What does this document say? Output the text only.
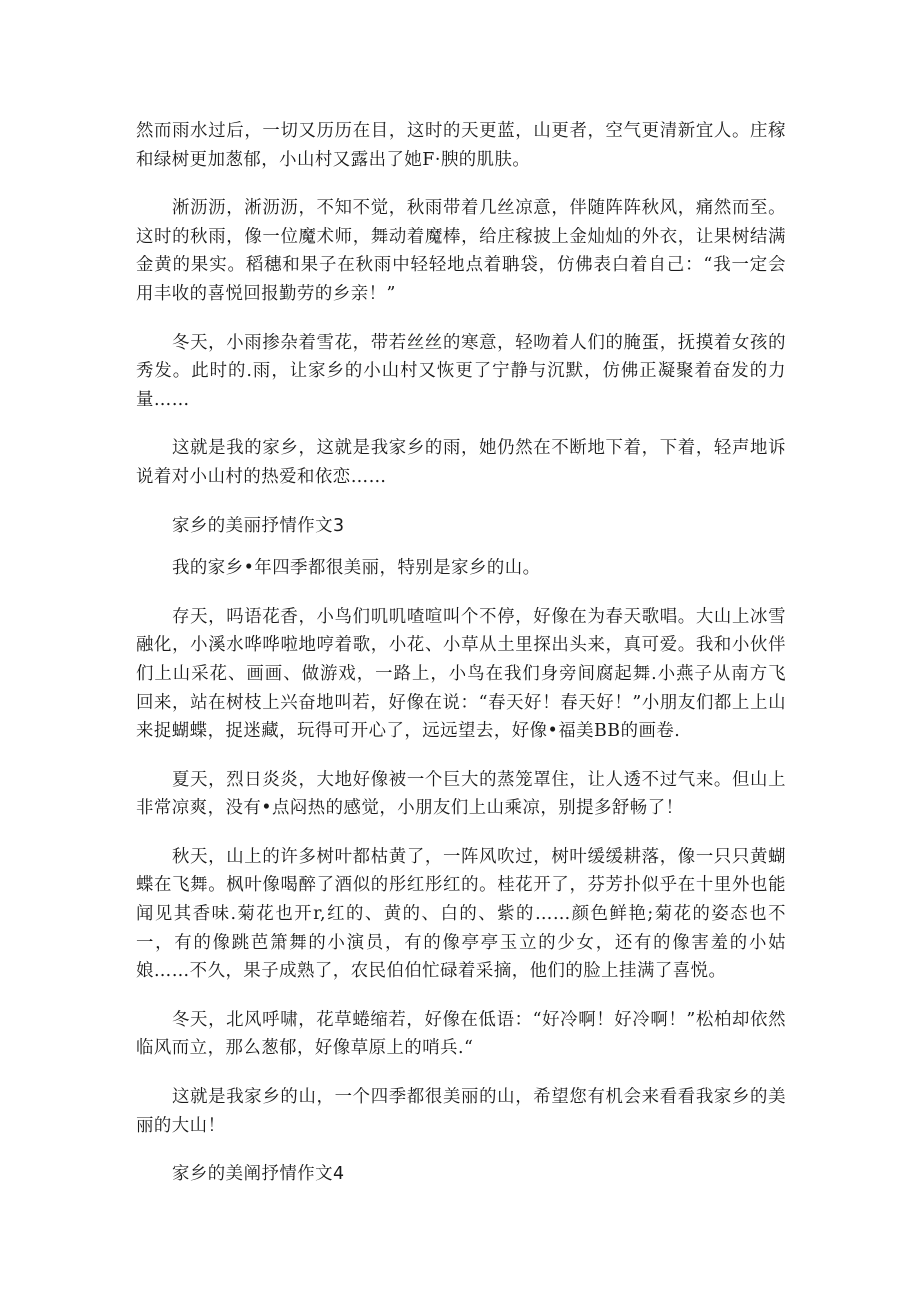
然而雨水过后，一切又历历在目，这时的天更蓝，山更者，空气更清新宜人。庄稼和绿树更加葱郁，小山村又露出了她F·腴的肌肤。

淅沥沥，淅沥沥，不知不觉，秋雨带着几丝凉意，伴随阵阵秋风，痛然而至。这时的秋雨，像一位魔术师，舞动着魔棒，给庄稼披上金灿灿的外衣，让果树结满金黄的果实。稻穗和果子在秋雨中轻轻地点着聃袋，仿佛表白着自己：“我一定会用丰收的喜悦回报勤劳的乡亲！”

冬天，小雨掺杂着雪花，带若丝丝的寒意，轻吻着人们的腌蛋，抚摸着女孩的秀发。此时的.雨，让家乡的小山村又恢更了宁静与沉默，仿佛正凝聚着奋发的力量……

这就是我的家乡，这就是我家乡的雨，她仍然在不断地下着，下着，轻声地诉说着对小山村的热爱和依恋……

家乡的美丽抒情作文3

我的家乡•年四季都很美丽，特别是家乡的山。

存天，吗语花香，小鸟们叽叽喳喧叫个不停，好像在为春天歌唱。大山上冰雪融化，小溪水哗哗啦地哼着歌，小花、小草从土里探出头来，真可爱。我和小伙伴们上山采花、画画、做游戏，一路上，小鸟在我们身旁间腐起舞.小燕子从南方飞回来，站在树枝上兴奋地叫若，好像在说：“春天好！春天好！”小朋友们都上上山来捉蝴蝶，捉迷藏，玩得可开心了，远远望去，好像•福美BB的画卷.

夏天，烈日炎炎，大地好像被一个巨大的蒸笼罩住，让人透不过气来。但山上非常凉爽，没有•点闷热的感觉，小朋友们上山乘凉，别提多舒畅了！

秋天，山上的许多树叶都枯黄了，一阵风吹过，树叶缓缓耕落，像一只只黄蝴蝶在飞舞。枫叶像喝醉了酒似的彤红彤红的。桂花开了，芬芳扑似乎在十里外也能闻见其香味.菊花也开r,红的、黄的、白的、紫的……颜色鲜艳;菊花的姿态也不一，有的像跳芭箫舞的小演员，有的像亭亭玉立的少女，还有的像害羞的小姑娘……不久，果子成熟了，农民伯伯忙碌着采摘，他们的脸上挂满了喜悦。

冬天，北风呼啸，花草蜷缩若，好像在低语：“好冷啊！好冷啊！”松柏却依然临风而立，那么葱郁，好像草原上的哨兵.“

这就是我家乡的山，一个四季都很美丽的山，希望您有机会来看看我家乡的美丽的大山！

家乡的美阐抒情作文4
